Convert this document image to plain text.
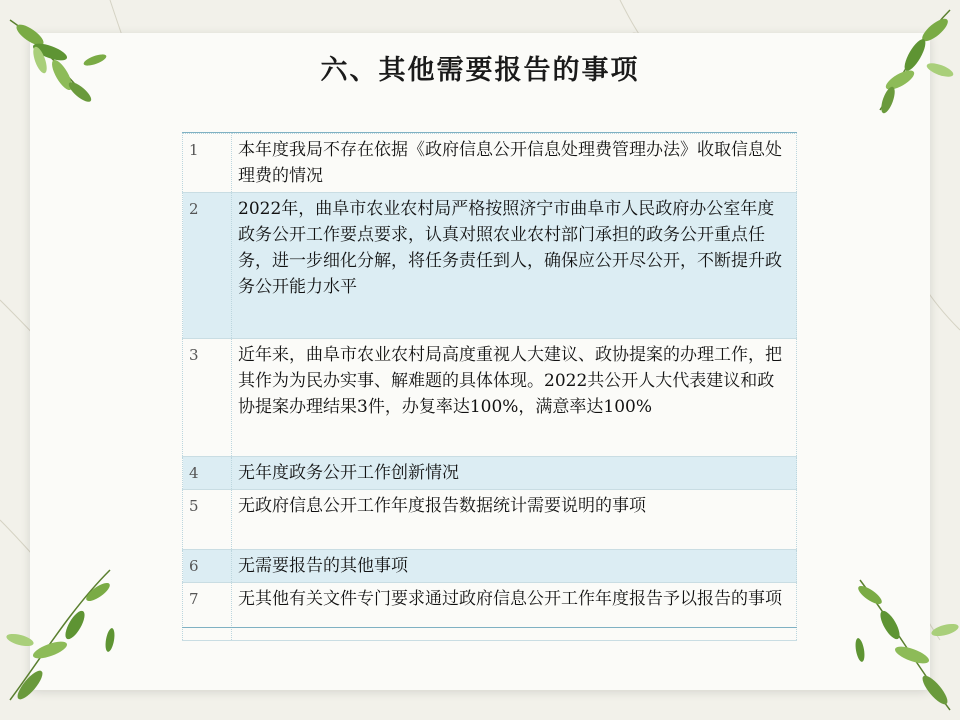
六、其他需要报告的事项
1	本年度我局不存在依据《政府信息公开信息处理费管理办法》收取信息处理费的情况
2	2022年，曲阜市农业农村局严格按照济宁市曲阜市人民政府办公室年度政务公开工作要点要求，认真对照农业农村部门承担的政务公开重点任务，进一步细化分解，将任务责任到人，确保应公开尽公开，不断提升政务公开能力水平
3	近年来，曲阜市农业农村局高度重视人大建议、政协提案的办理工作，把其作为为民办实事、解难题的具体体现。2022共公开人大代表建议和政协提案办理结果3件，办复率达100%，满意率达100%
4	无年度政务公开工作创新情况
5	无政府信息公开工作年度报告数据统计需要说明的事项
6	无需要报告的其他事项
7	无其他有关文件专门要求通过政府信息公开工作年度报告予以报告的事项
